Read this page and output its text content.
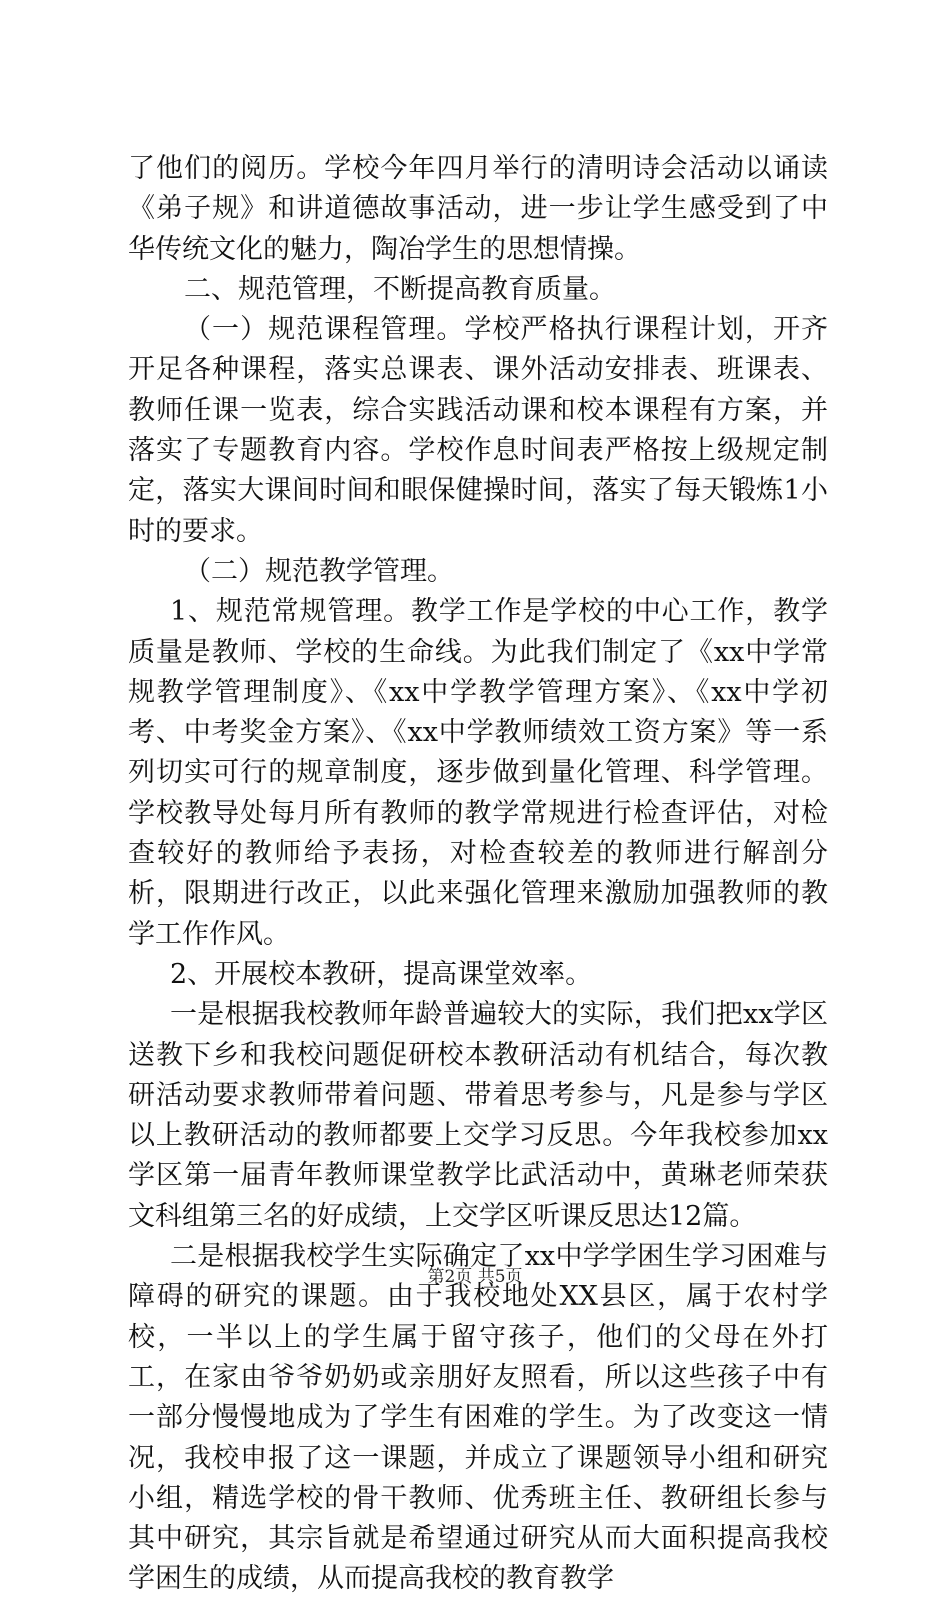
了他们的阅历。学校今年四月举行的清明诗会活动以诵读《弟子规》和讲道德故事活动，进一步让学生感受到了中华传统文化的魅力，陶冶学生的思想情操。

二、规范管理，不断提高教育质量。

（一）规范课程管理。学校严格执行课程计划，开齐开足各种课程，落实总课表、课外活动安排表、班课表、教师任课一览表，综合实践活动课和校本课程有方案，并落实了专题教育内容。学校作息时间表严格按上级规定制定，落实大课间时间和眼保健操时间，落实了每天锻炼1小时的要求。

（二）规范教学管理。

1、规范常规管理。教学工作是学校的中心工作，教学质量是教师、学校的生命线。为此我们制定了《xx中学常规教学管理制度》、《xx中学教学管理方案》、《xx中学初考、中考奖金方案》、《xx中学教师绩效工资方案》等一系列切实可行的规章制度，逐步做到量化管理、科学管理。学校教导处每月所有教师的教学常规进行检查评估，对检查较好的教师给予表扬，对检查较差的教师进行解剖分析，限期进行改正，以此来强化管理来激励加强教师的教学工作作风。

2、开展校本教研，提高课堂效率。

一是根据我校教师年龄普遍较大的实际，我们把xx学区送教下乡和我校问题促研校本教研活动有机结合，每次教研活动要求教师带着问题、带着思考参与，凡是参与学区以上教研活动的教师都要上交学习反思。今年我校参加xx学区第一届青年教师课堂教学比武活动中，黄琳老师荣获文科组第三名的好成绩，上交学区听课反思达12篇。

二是根据我校学生实际确定了xx中学学困生学习困难与障碍的研究的课题。由于我校地处XX县区，属于农村学校，一半以上的学生属于留守孩子，他们的父母在外打工，在家由爷爷奶奶或亲朋好友照看，所以这些孩子中有一部分慢慢地成为了学生有困难的学生。为了改变这一情况，我校申报了这一课题，并成立了课题领导小组和研究小组，精选学校的骨干教师、优秀班主任、教研组长参与其中研究，其宗旨就是希望通过研究从而大面积提高我校学困生的成绩，从而提高我校的教育教学

第2页 共5页
